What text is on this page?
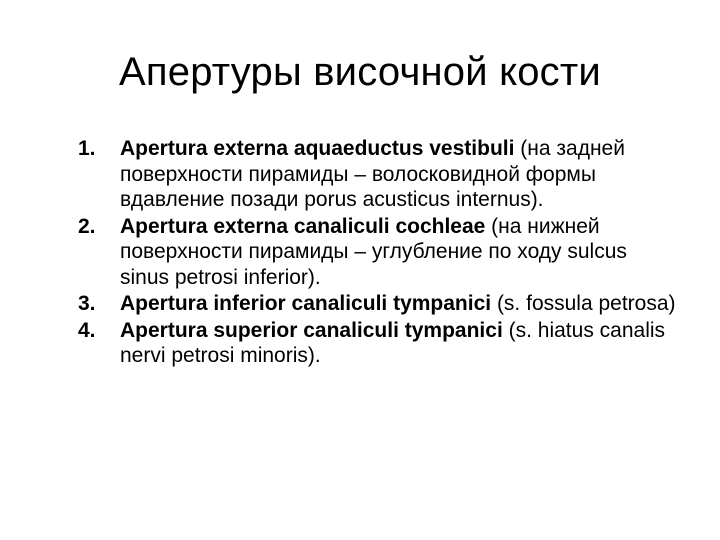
Апертуры височной кости
1. Apertura externa aquaeductus vestibuli (на задней поверхности пирамиды – волосковидной формы вдавление позади porus acusticus internus).
2. Apertura externa canaliculi cochleae (на нижней поверхности пирамиды – углубление по ходу sulcus sinus petrosi inferior).
3. Apertura inferior canaliculi tympanici (s. fossula petrosa)
4. Apertura superior canaliculi tympanici (s. hiatus canalis nervi petrosi minoris).
